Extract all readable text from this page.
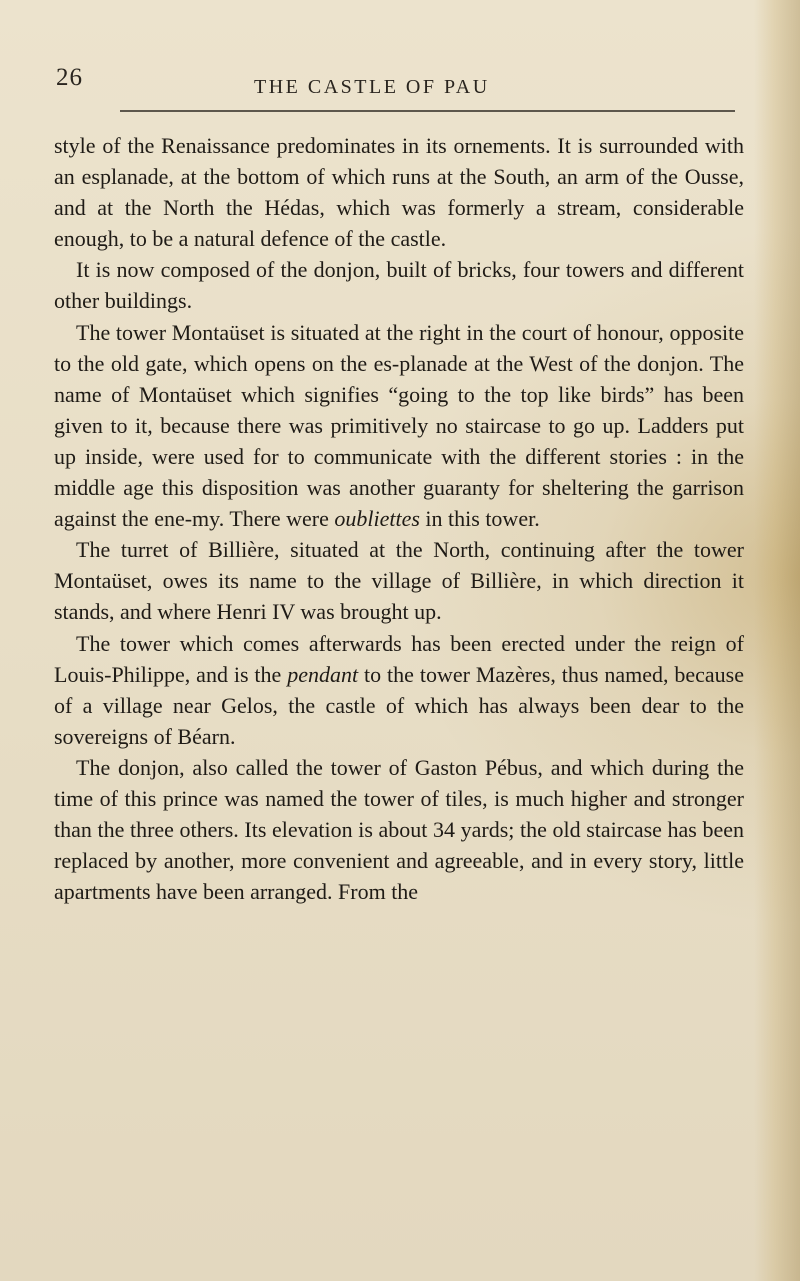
26	THE CASTLE OF PAU

style of the Renaissance predominates in its ornements. It is surrounded with an esplanade, at the bottom of which runs at the South, an arm of the Ousse, and at the North the Hédas, which was formerly a stream, considerable enough, to be a natural defence of the castle.

It is now composed of the donjon, built of bricks, four towers and different other buildings.

The tower Montaüset is situated at the right in the court of honour, opposite to the old gate, which opens on the es-planade at the West of the donjon. The name of Montaüset which signifies “going to the top like birds” has been given to it, because there was primitively no staircase to go up. Ladders put up inside, were used for to communicate with the different stories : in the middle age this disposition was another guaranty for sheltering the garrison against the ene-my. There were oubliettes in this tower.

The turret of Billière, situated at the North, continuing after the tower Montaüset, owes its name to the village of Billière, in which direction it stands, and where Henri IV was brought up.

The tower which comes afterwards has been erected under the reign of Louis-Philippe, and is the pendant to the tower Mazères, thus named, because of a village near Gelos, the castle of which has always been dear to the sovereigns of Béarn.

The donjon, also called the tower of Gaston Pébus, and which during the time of this prince was named the tower of tiles, is much higher and stronger than the three others. Its elevation is about 34 yards; the old staircase has been replaced by another, more convenient and agreeable, and in every story, little apartments have been arranged. From the
